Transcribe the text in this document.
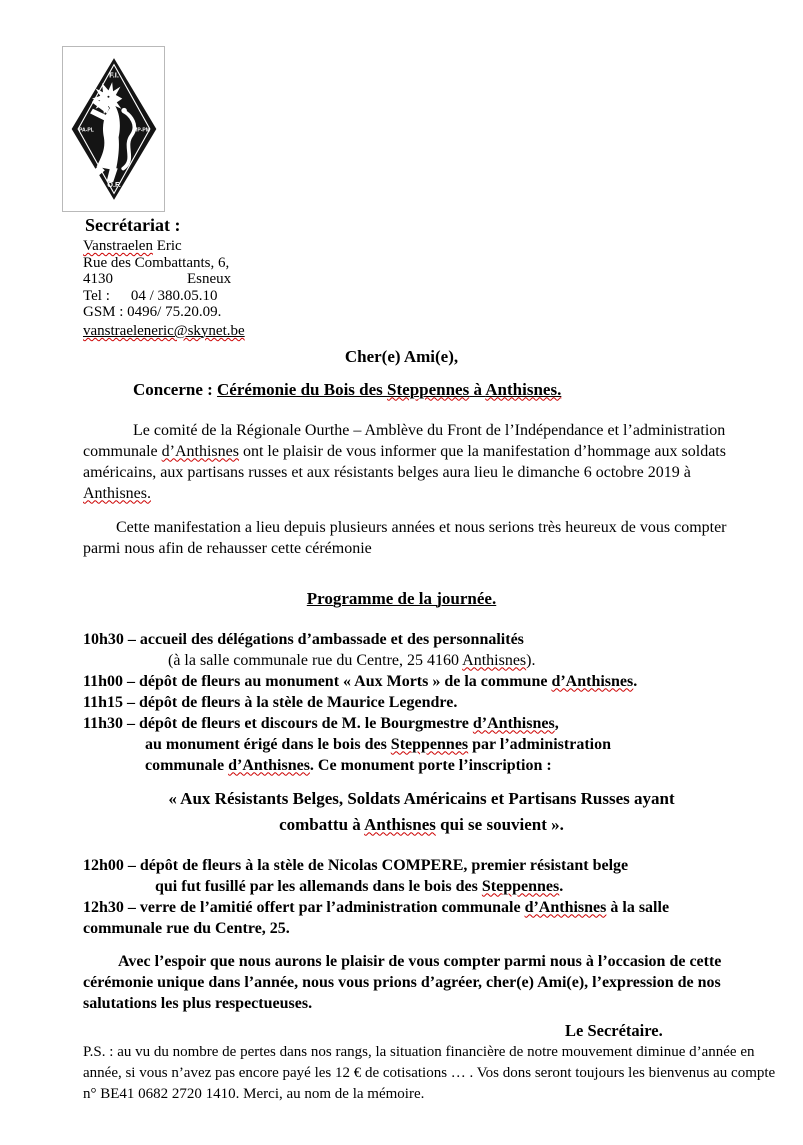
F.I.
PA-PL	MP-PM
O.F.
Secrétariat :
Vanstraelen Eric
Rue des Combattants, 6,
4130	Esneux
Tel : 04 / 380.05.10
GSM : 0496/ 75.20.09.
vanstraeleneric@skynet.be
Cher(e) Ami(e),
Concerne : Cérémonie du Bois des Steppennes à Anthisnes.

Le comité de la Régionale Ourthe – Amblève du Front de l’Indépendance et l’administration communale d’Anthisnes ont le plaisir de vous informer que la manifestation d’hommage aux soldats américains, aux partisans russes et aux résistants belges aura lieu le dimanche 6 octobre 2019 à Anthisnes.

Cette manifestation a lieu depuis plusieurs années et nous serions très heureux de vous compter parmi nous afin de rehausser cette cérémonie

Programme de la journée.
10h30 – accueil des délégations d’ambassade et des personnalités
(à la salle communale rue du Centre, 25 4160 Anthisnes).
11h00 – dépôt de fleurs au monument « Aux Morts » de la commune d’Anthisnes.
11h15 – dépôt de fleurs à la stèle de Maurice Legendre.
11h30 – dépôt de fleurs et discours de M. le Bourgmestre d’Anthisnes,
au monument érigé dans le bois des Steppennes par l’administration
communale d’Anthisnes. Ce monument porte l’inscription :
« Aux Résistants Belges, Soldats Américains et Partisans Russes ayant
combattu à Anthisnes qui se souvient ».
12h00 – dépôt de fleurs à la stèle de Nicolas COMPERE, premier résistant belge
qui fut fusillé par les allemands dans le bois des Steppennes.
12h30 – verre de l’amitié offert par l’administration communale d’Anthisnes à la salle
communale rue du Centre, 25.

Avec l’espoir que nous aurons le plaisir de vous compter parmi nous à l’occasion de cette cérémonie unique dans l’année, nous vous prions d’agréer, cher(e) Ami(e), l’expression de nos salutations les plus respectueuses.

Le Secrétaire.

P.S. : au vu du nombre de pertes dans nos rangs, la situation financière de notre mouvement diminue d’année en année, si vous n’avez pas encore payé les 12 € de cotisations … . Vos dons seront toujours les bienvenus au compte n° BE41 0682 2720 1410. Merci, au nom de la mémoire.
